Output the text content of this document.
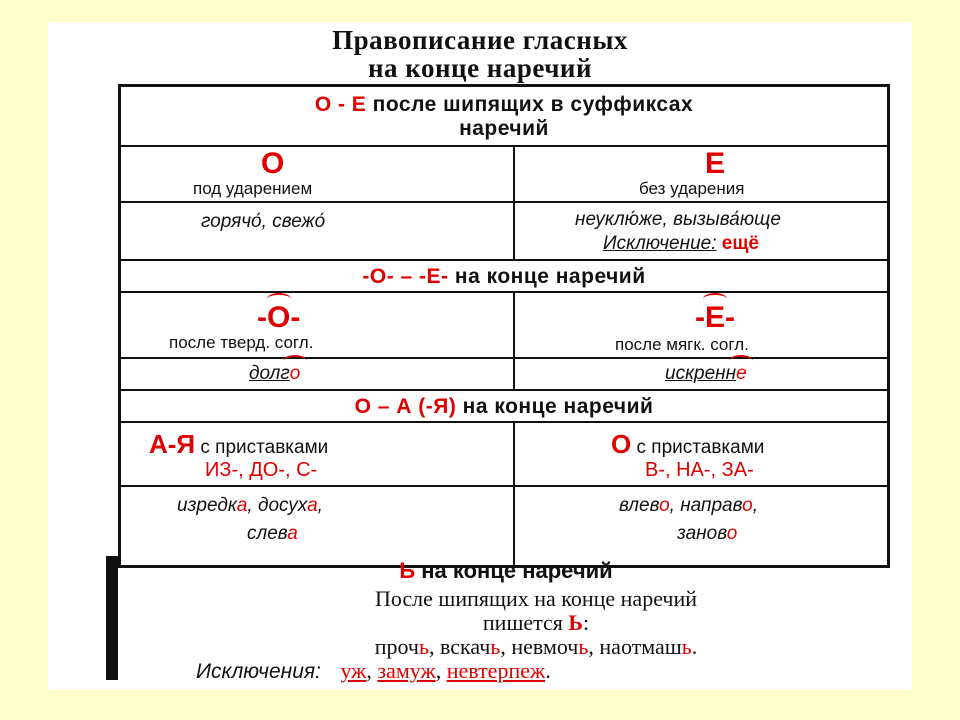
Правописание гласных
на конце наречий
О - Е после шипящих в суффиксах
наречий
О
под ударением
Е
без ударения
горячо́, свежо́	неуклю́же, вызыва́юще
Исключение: ещё
-О- – -Е- на конце наречий
-О-
после тверд. согл.
-Е-
после мягк. согл.
долго	искренне
О – А (-Я) на конце наречий
А-Я с приставками
ИЗ-, ДО-, С-
О с приставками
В-, НА-, ЗА-
изредка, досуха,
слева
влево, направо,
заново
Ь на конце наречий
После шипящих на конце наречий
пишется Ь:
прочь, вскачь, невмочь, наотмашь.
Исключения: уж, замуж, невтерпеж.
